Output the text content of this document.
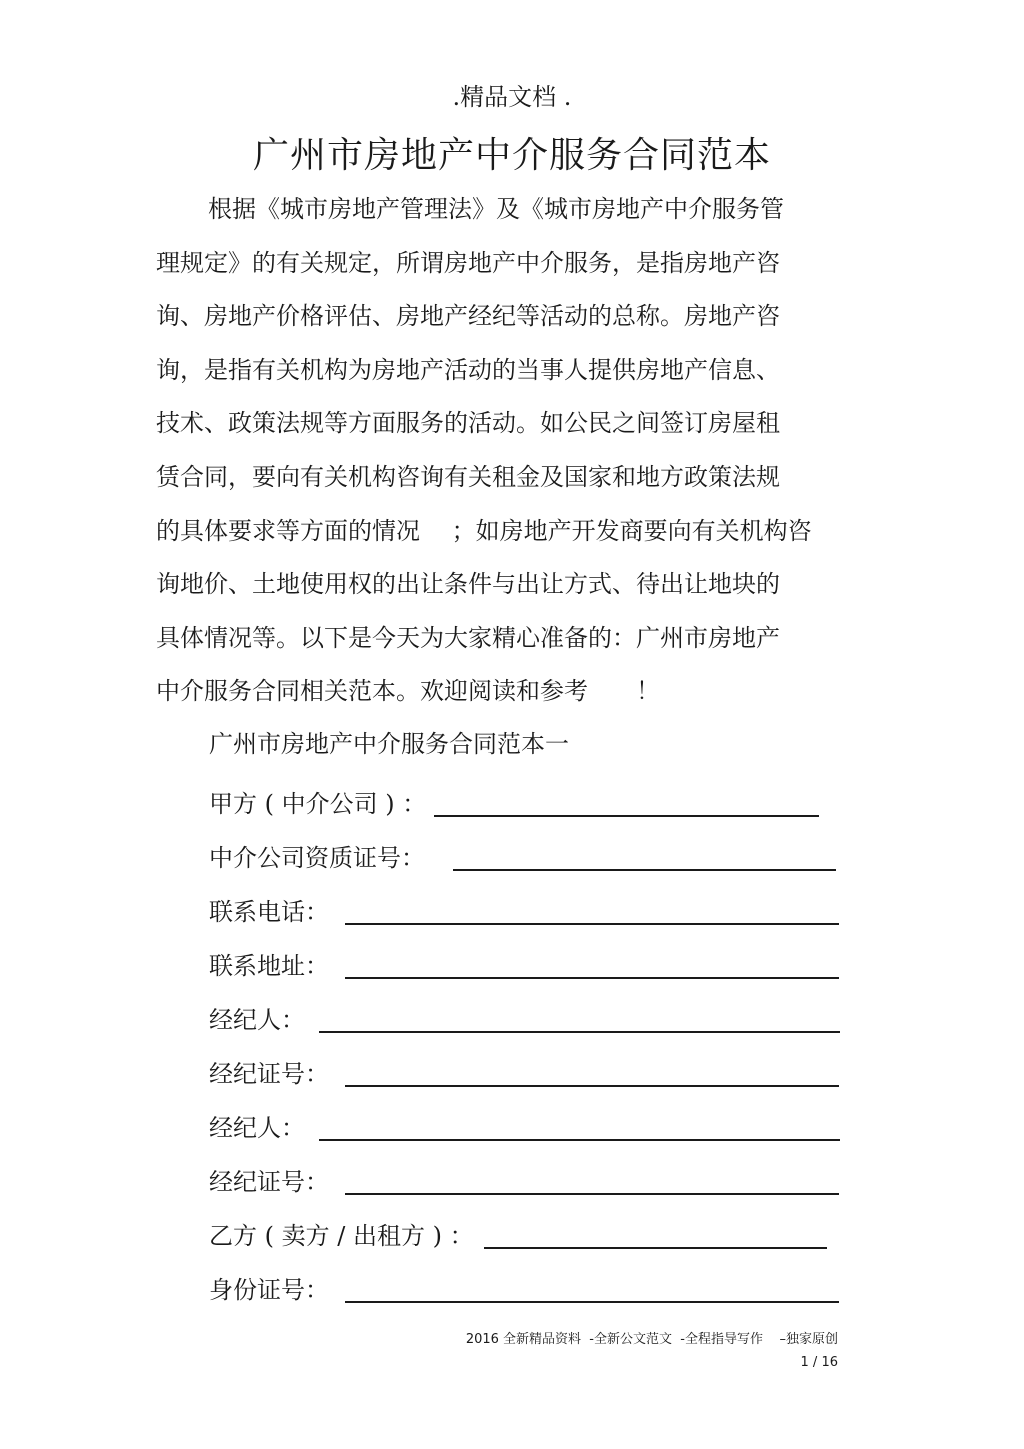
.精品文档 .
广州市房地产中介服务合同范本
根据《城市房地产管理法》及《城市房地产中介服务管
理规定》的有关规定，所谓房地产中介服务，是指房地产咨
询、房地产价格评估、房地产经纪等活动的总称。房地产咨
询，是指有关机构为房地产活动的当事人提供房地产信息、
技术、政策法规等方面服务的活动。如公民之间签订房屋租
赁合同，要向有关机构咨询有关租金及国家和地方政策法规
的具体要求等方面的情况　 ；如房地产开发商要向有关机构咨
询地价、土地使用权的出让条件与出让方式、待出让地块的
具体情况等。以下是今天为大家精心准备的：广州市房地产
中介服务合同相关范本。欢迎阅读和参考　　！
广州市房地产中介服务合同范本一
甲方 ( 中介公司 ) ：
中介公司资质证号：
联系电话：
联系地址：
经纪人：
经纪证号：
经纪人：
经纪证号：
乙方 ( 卖方 / 出租方 ) ：
身份证号：
2016 全新精品资料  -全新公文范文  -全程指导写作    –独家原创
1 / 16
